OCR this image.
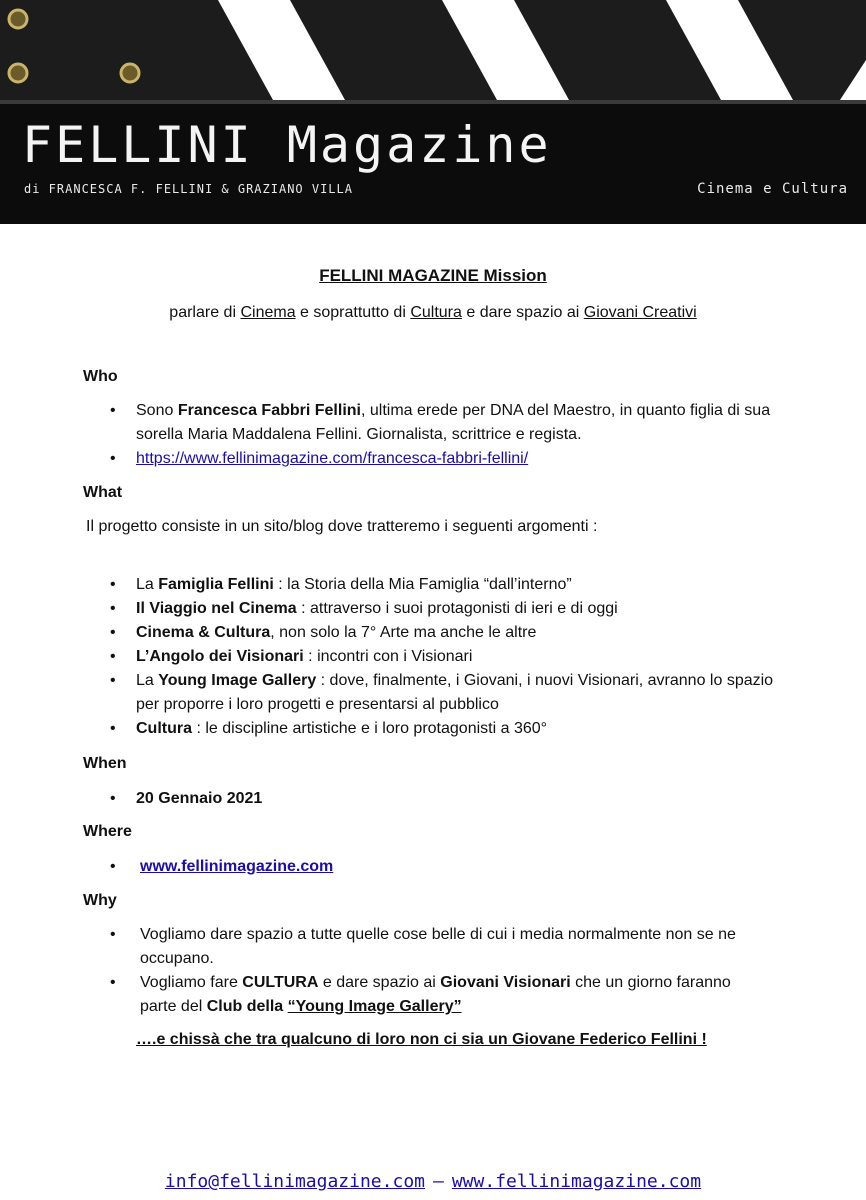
FELLINI Magazine
di FRANCESCA F. FELLINI & GRAZIANO VILLA	Cinema e Cultura
FELLINI MAGAZINE Mission
parlare di Cinema e soprattutto di Cultura e dare spazio ai Giovani Creativi
Who
• Sono Francesca Fabbri Fellini, ultima erede per DNA del Maestro, in quanto figlia di sua sorella Maria Maddalena Fellini. Giornalista, scrittrice e regista.
• https://www.fellinimagazine.com/francesca-fabbri-fellini/
What
Il progetto consiste in un sito/blog dove tratteremo i seguenti argomenti :
• La Famiglia Fellini : la Storia della Mia Famiglia “dall’interno”
• Il Viaggio nel Cinema : attraverso i suoi protagonisti di ieri e di oggi
• Cinema & Cultura, non solo la 7° Arte ma anche le altre
• L’Angolo dei Visionari : incontri con i Visionari
• La Young Image Gallery : dove, finalmente, i Giovani, i nuovi Visionari, avranno lo spazio per proporre i loro progetti e presentarsi al pubblico
• Cultura : le discipline artistiche e i loro protagonisti a 360°
When
• 20 Gennaio 2021
Where
• www.fellinimagazine.com
Why
• Vogliamo dare spazio a tutte quelle cose belle di cui i media normalmente non se ne occupano.
• Vogliamo fare CULTURA e dare spazio ai Giovani Visionari che un giorno faranno parte del Club della “Young Image Gallery”
….e chissà che tra qualcuno di loro non ci sia un Giovane Federico Fellini !
info@fellinimagazine.com – www.fellinimagazine.com
